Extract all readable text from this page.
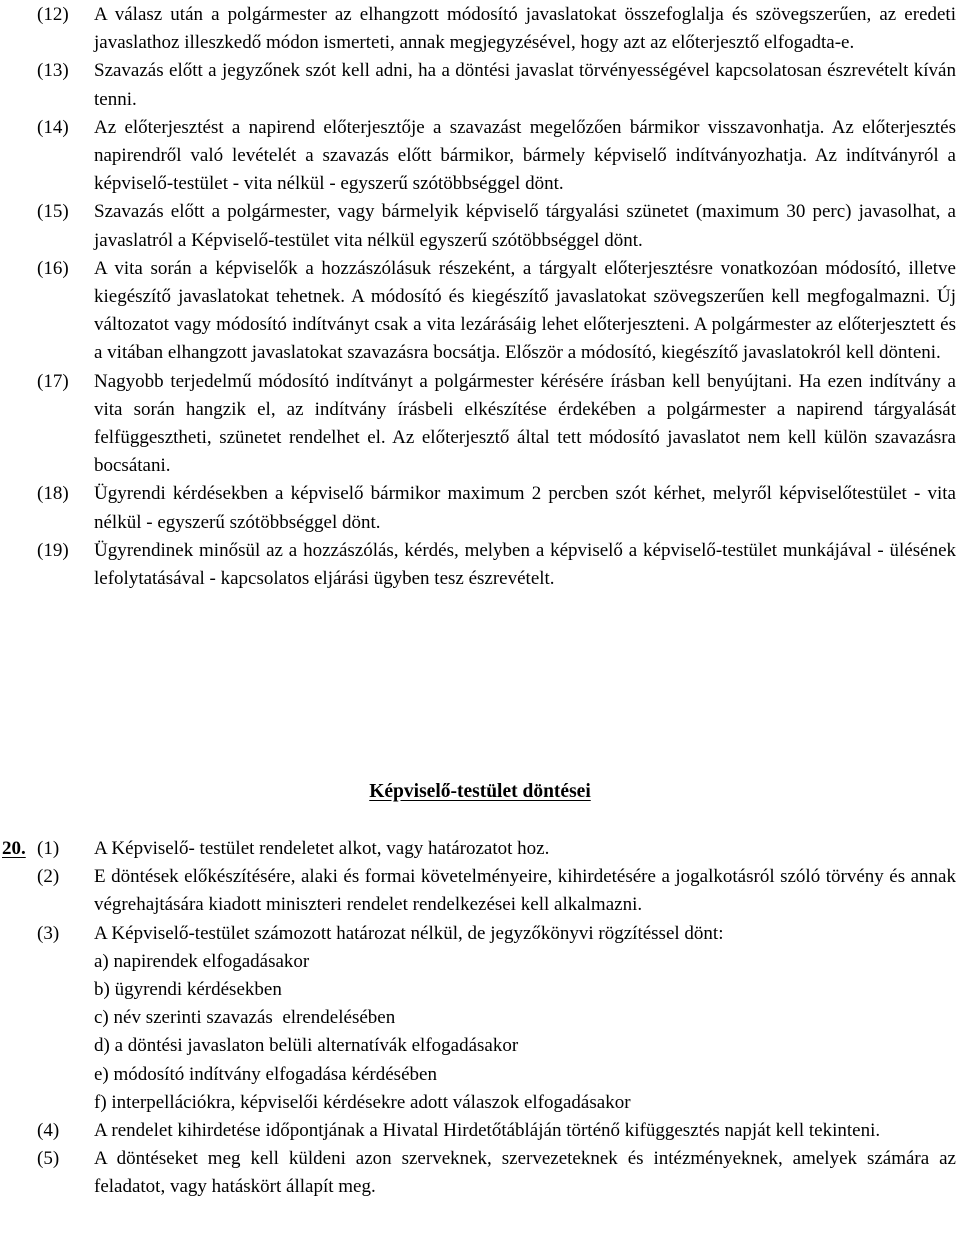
(12) A válasz után a polgármester az elhangzott módosító javaslatokat összefoglalja és szövegszerűen, az eredeti javaslathoz illeszkedő módon ismerteti, annak megjegyzésével, hogy azt az előterjesztő elfogadta-e.

(13) Szavazás előtt a jegyzőnek szót kell adni, ha a döntési javaslat törvényességével kapcsolatosan észrevételt kíván tenni.

(14) Az előterjesztést a napirend előterjesztője a szavazást megelőzően bármikor visszavonhatja. Az előterjesztés napirendről való levételét a szavazás előtt bármikor, bármely képviselő indítványozhatja. Az indítványról a képviselő-testület - vita nélkül - egyszerű szótöbbséggel dönt.

(15) Szavazás előtt a polgármester, vagy bármelyik képviselő tárgyalási szünetet (maximum 30 perc) javasolhat, a javaslatról a Képviselő-testület vita nélkül egyszerű szótöbbséggel dönt.

(16) A vita során a képviselők a hozzászólásuk részeként, a tárgyalt előterjesztésre vonatkozóan módosító, illetve kiegészítő javaslatokat tehetnek. A módosító és kiegészítő javaslatokat szövegszerűen kell megfogalmazni. Új változatot vagy módosító indítványt csak a vita lezárásáig lehet előterjeszteni. A polgármester az előterjesztett és a vitában elhangzott javaslatokat szavazásra bocsátja. Először a módosító, kiegészítő javaslatokról kell dönteni.

(17) Nagyobb terjedelmű módosító indítványt a polgármester kérésére írásban kell benyújtani. Ha ezen indítvány a vita során hangzik el, az indítvány írásbeli elkészítése érdekében a polgármester a napirend tárgyalását felfüggesztheti, szünetet rendelhet el. Az előterjesztő által tett módosító javaslatot nem kell külön szavazásra bocsátani.

(18) Ügyrendi kérdésekben a képviselő bármikor maximum 2 percben szót kérhet, melyről képviselőtestület - vita nélkül - egyszerű szótöbbséggel dönt.

(19) Ügyrendinek minősül az a hozzászólás, kérdés, melyben a képviselő a képviselő-testület munkájával - ülésének lefolytatásával - kapcsolatos eljárási ügyben tesz észrevételt.

Képviselő-testület döntései

20. (1) A Képviselő- testület rendeletet alkot, vagy határozatot hoz.

(2) E döntések előkészítésére, alaki és formai követelményeire, kihirdetésére a jogalkotásról szóló törvény és annak végrehajtására kiadott miniszteri rendelet rendelkezései kell alkalmazni.

(3) A Képviselő-testület számozott határozat nélkül, de jegyzőkönyvi rögzítéssel dönt:

a) napirendek elfogadásakor

b) ügyrendi kérdésekben

c) név szerinti szavazás  elrendelésében

d) a döntési javaslaton belüli alternatívák elfogadásakor

e) módosító indítvány elfogadása kérdésében

f) interpellációkra, képviselői kérdésekre adott válaszok elfogadásakor

(4) A rendelet kihirdetése időpontjának a Hivatal Hirdetőtábláján történő kifüggesztés napját kell tekinteni.

(5) A döntéseket meg kell küldeni azon szerveknek, szervezeteknek és intézményeknek, amelyek számára az feladatot, vagy hatáskört állapít meg.
